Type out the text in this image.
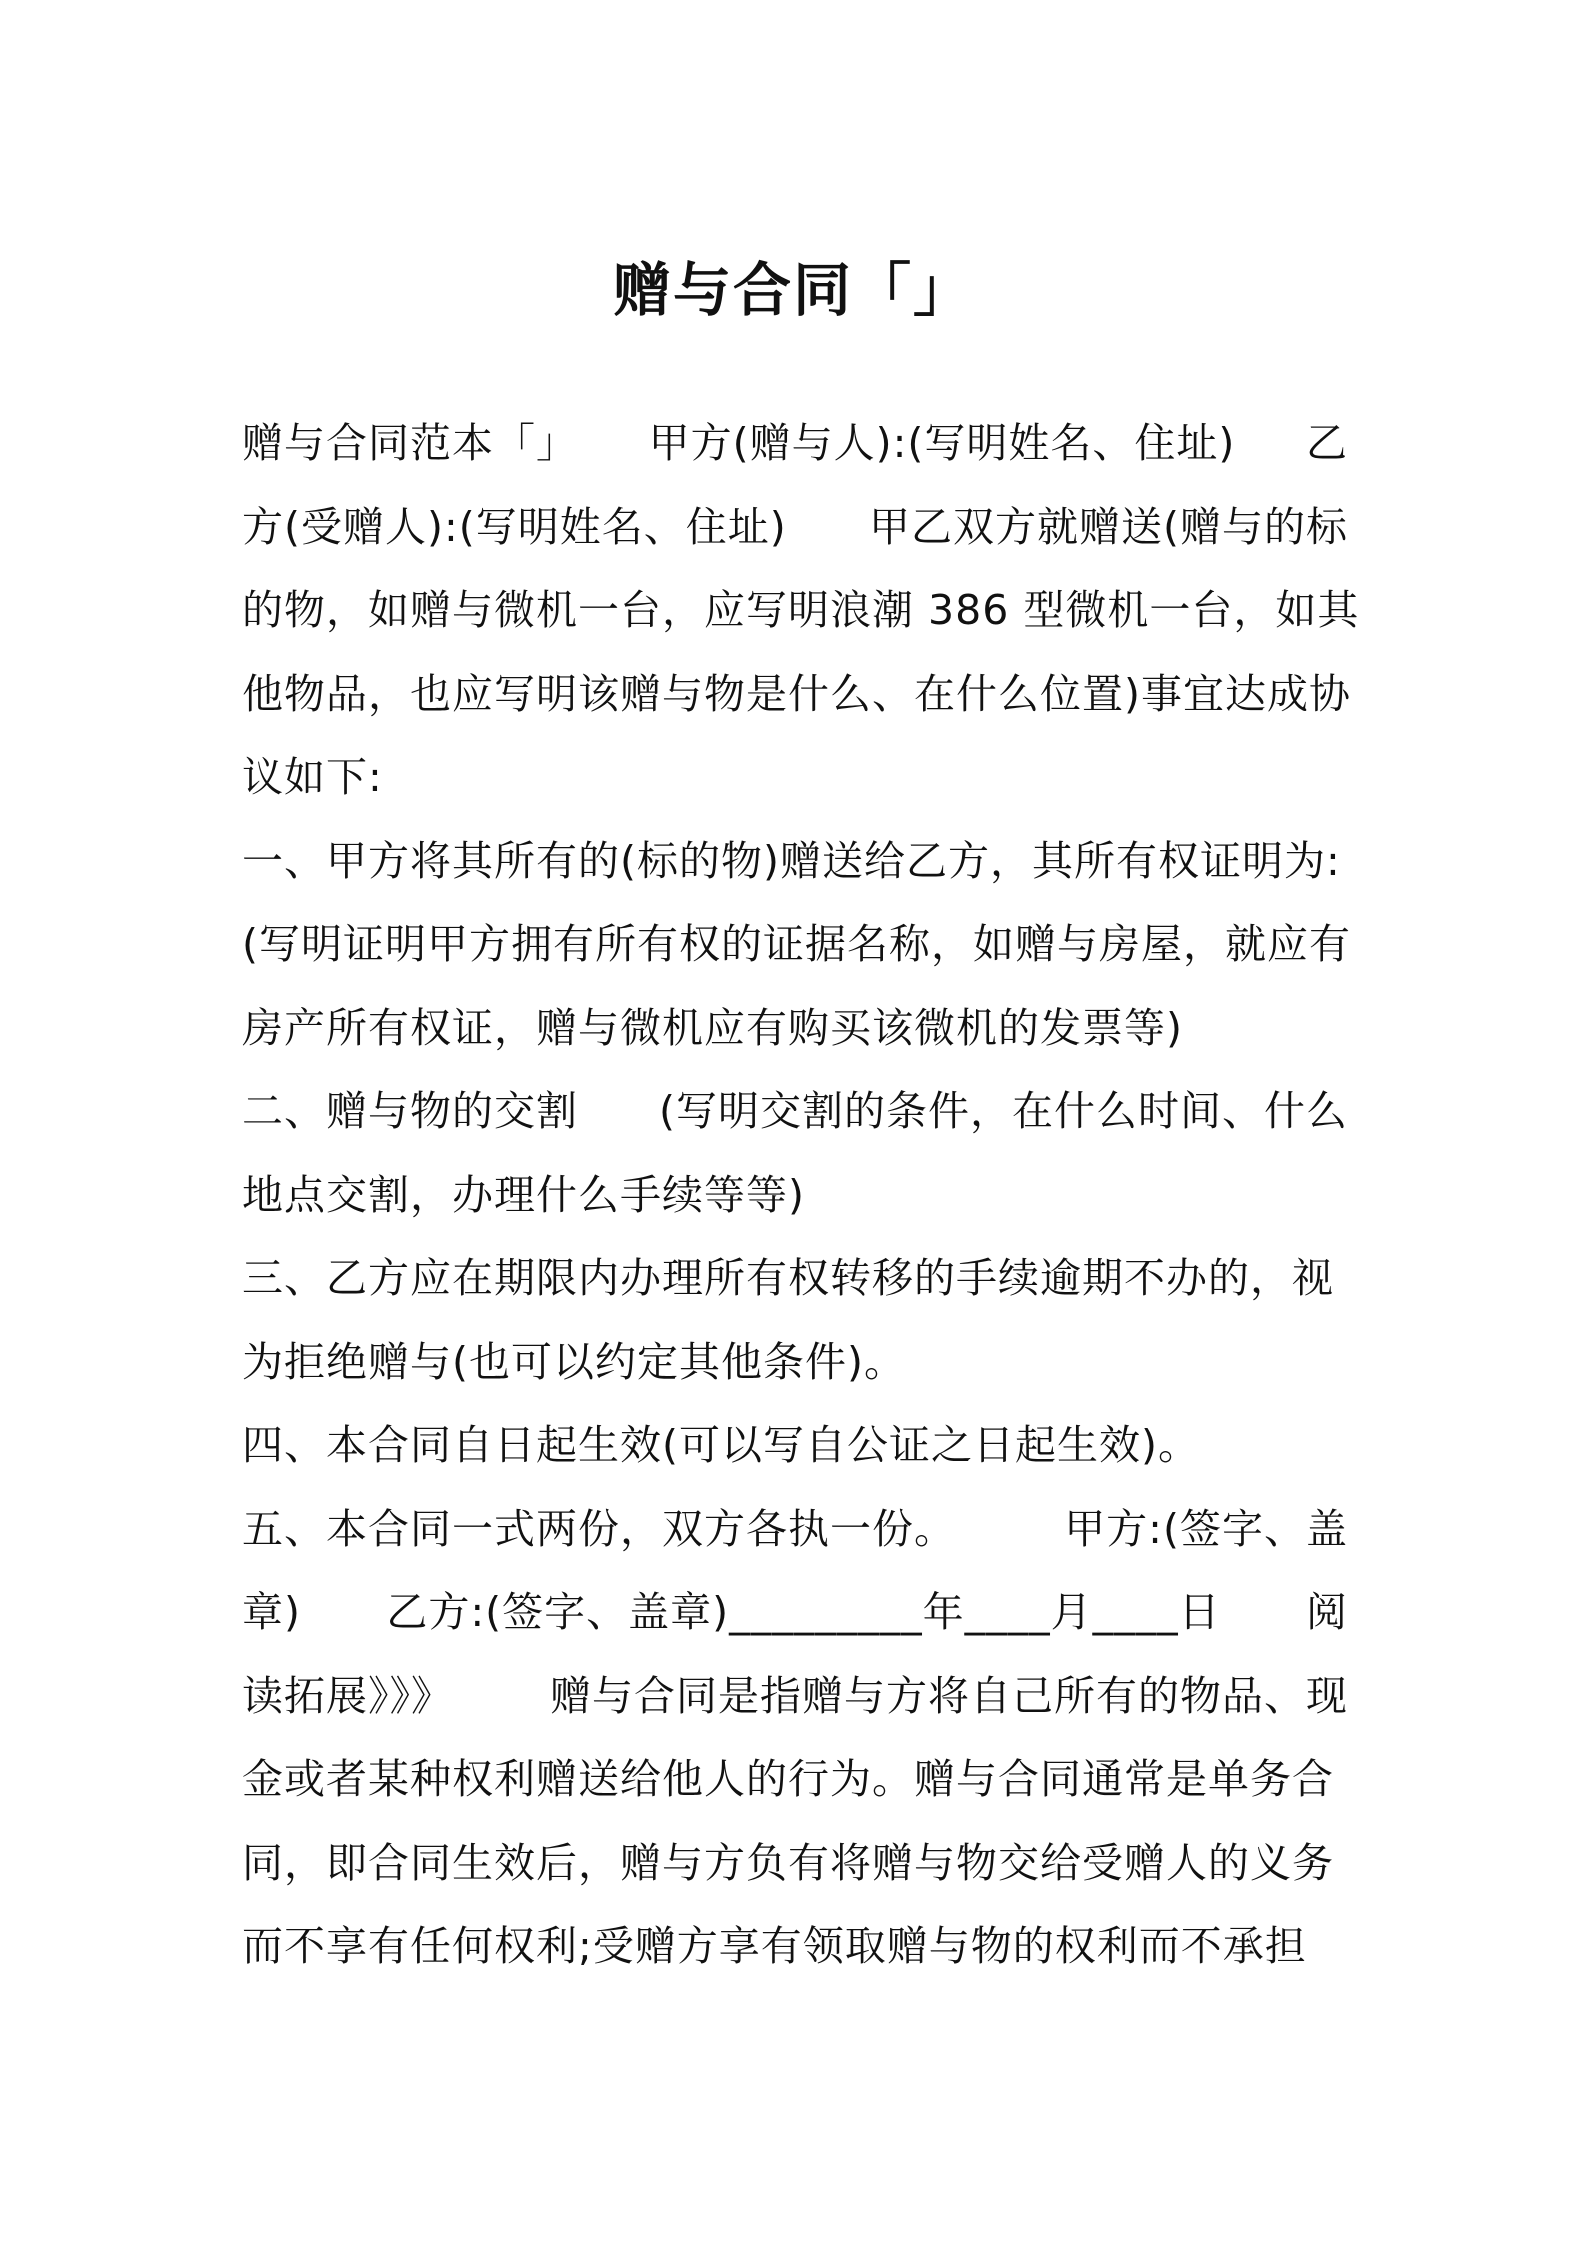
赠与合同「」
赠与合同范本「」 甲方(赠与人):(写明姓名、住址) 乙
方(受赠人):(写明姓名、住址) 甲乙双方就赠送(赠与的标
的物，如赠与微机一台，应写明浪潮 386 型微机一台，如其
他物品，也应写明该赠与物是什么、在什么位置)事宜达成协
议如下:
一、甲方将其所有的(标的物)赠送给乙方，其所有权证明为:
(写明证明甲方拥有所有权的证据名称，如赠与房屋，就应有
房产所有权证，赠与微机应有购买该微机的发票等)
二、赠与物的交割 (写明交割的条件，在什么时间、什么
地点交割，办理什么手续等等)
三、乙方应在期限内办理所有权转移的手续逾期不办的，视
为拒绝赠与(也可以约定其他条件)。
四、本合同自日起生效(可以写自公证之日起生效)。
五、本合同一式两份，双方各执一份。	甲方:(签字、盖
章) 乙方:(签字、盖章)_________年____月____日 阅
读拓展》》》 赠与合同是指赠与方将自己所有的物品、现
金或者某种权利赠送给他人的行为。赠与合同通常是单务合
同，即合同生效后，赠与方负有将赠与物交给受赠人的义务
而不享有任何权利;受赠方享有领取赠与物的权利而不承担
